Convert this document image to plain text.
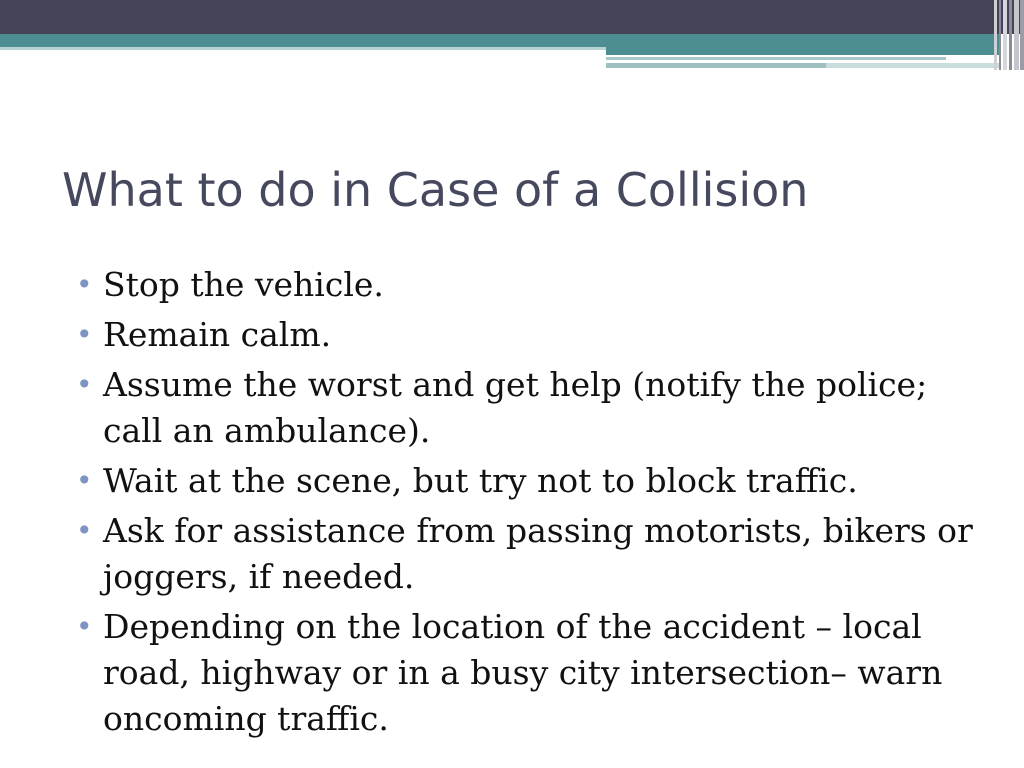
What to do in Case of a Collision
• Stop the vehicle.
• Remain calm.
• Assume the worst and get help (notify the police; call an ambulance).
• Wait at the scene, but try not to block traffic.
• Ask for assistance from passing motorists, bikers or joggers, if needed.
• Depending on the location of the accident – local road, highway or in a busy city intersection– warn oncoming traffic.
